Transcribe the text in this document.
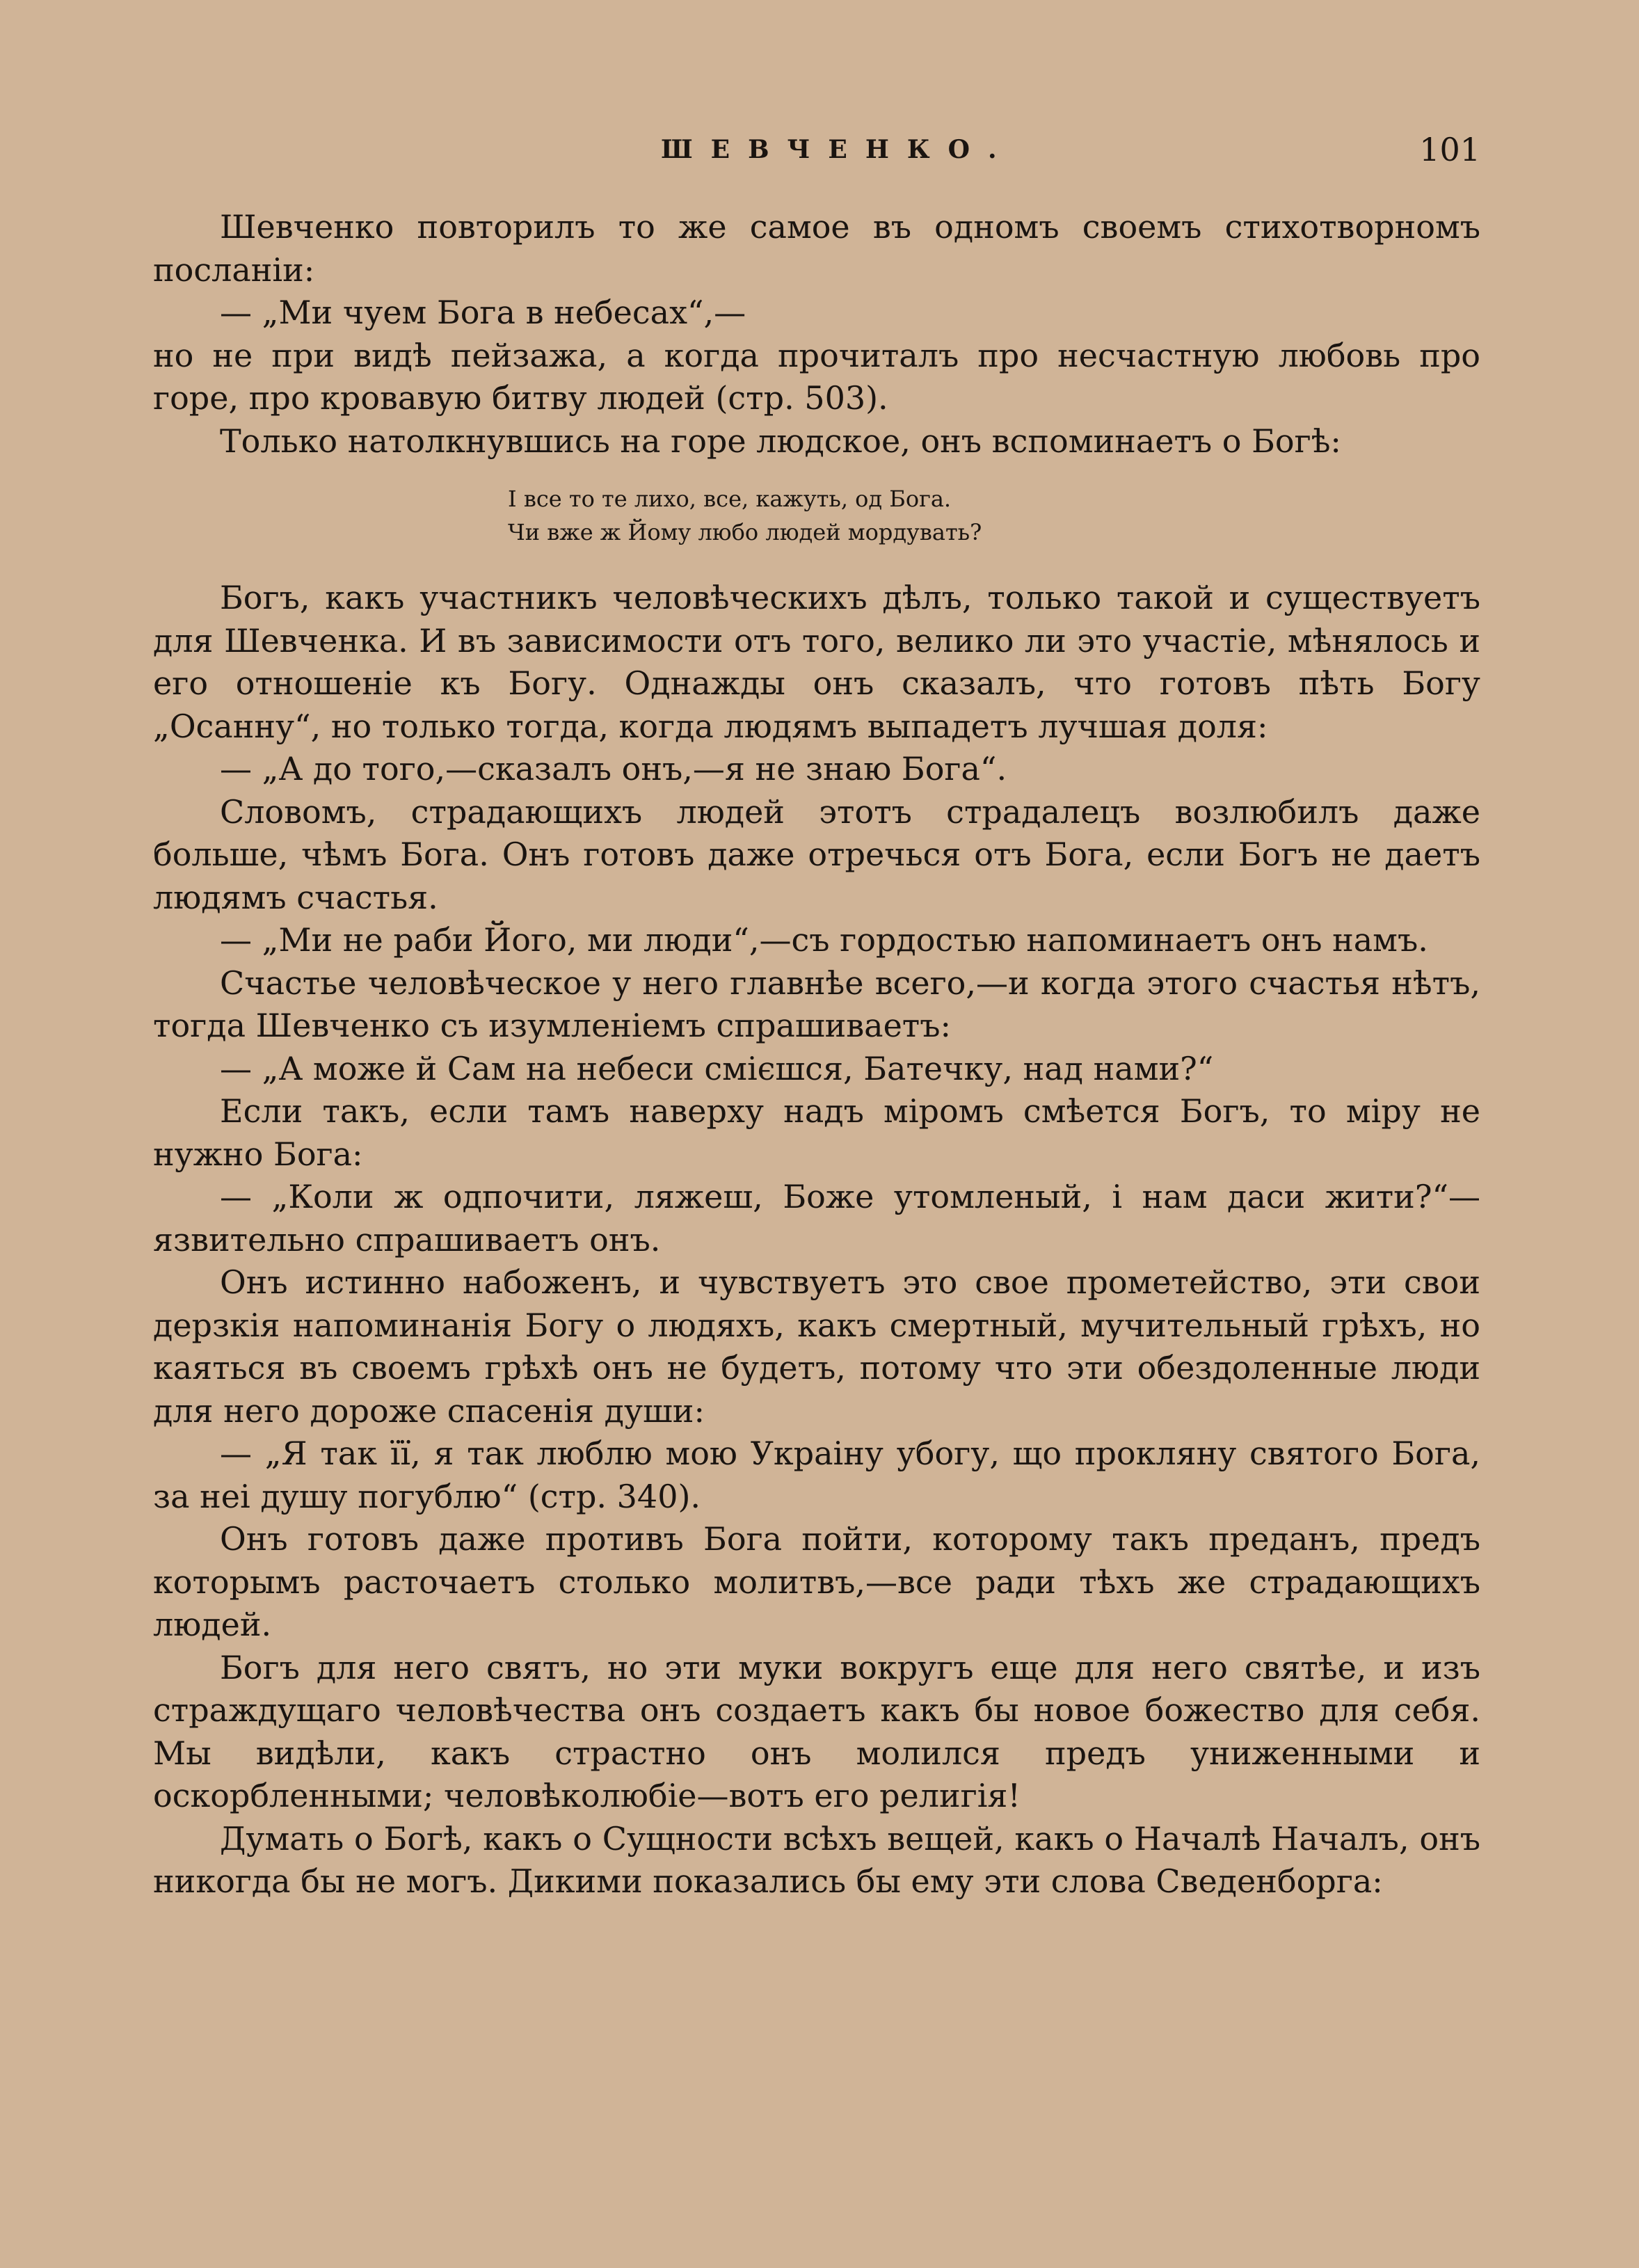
ШЕВЧЕНКО.	101

Шевченко повторилъ то же самое въ одномъ своемъ стихотворномъ посланіи:

— „Ми чуем Бога в небесах“,—

но не при видѣ пейзажа, а когда прочиталъ про несчастную любовь про горе, про кровавую битву людей (стр. 503).

Только натолкнувшись на горе людское, онъ вспоминаетъ о Богѣ:

І все то те лихо, все, кажуть, од Бога.
Чи вже ж Йому любо людей мордувать?

Богъ, какъ участникъ человѣческихъ дѣлъ, только такой и существуетъ для Шевченка. И въ зависимости отъ того, велико ли это участіе, мѣнялось и его отношеніе къ Богу. Однажды онъ сказалъ, что готовъ пѣть Богу „Осанну“, но только тогда, когда людямъ выпадетъ лучшая доля:

— „А до того,—сказалъ онъ,—я не знаю Бога“.

Словомъ, страдающихъ людей этотъ страдалецъ возлюбилъ даже больше, чѣмъ Бога. Онъ готовъ даже отречься отъ Бога, если Богъ не даетъ людямъ счастья.

— „Ми не раби Його, ми люди“,—съ гордостью напоминаетъ онъ намъ.

Счастье человѣческое у него главнѣе всего,—и когда этого счастья нѣтъ, тогда Шевченко съ изумленіемъ спрашиваетъ:

— „А може й Сам на небеси смієшся, Батечку, над нами?“

Если такъ, если тамъ наверху надъ міромъ смѣется Богъ, то міру не нужно Бога:

— „Коли ж одпочити, ляжеш, Боже утомленый, і нам даси жити?“— язвительно спрашиваетъ онъ.

Онъ истинно набоженъ, и чувствуетъ это свое прометейство, эти свои дерзкія напоминанія Богу о людяхъ, какъ смертный, мучительный грѣхъ, но каяться въ своемъ грѣхѣ онъ не будетъ, потому что эти обездоленные люди для него дороже спасенія души:

— „Я так її, я так люблю мою Украіну убогу, що прокляну святого Бога, за неі душу погублю“ (стр. 340).

Онъ готовъ даже противъ Бога пойти, которому такъ преданъ, предъ которымъ расточаетъ столько молитвъ,—все ради тѣхъ же страдающихъ людей.

Богъ для него святъ, но эти муки вокругъ еще для него святѣе, и изъ страждущаго человѣчества онъ создаетъ какъ бы новое божество для себя. Мы видѣли, какъ страстно онъ молился предъ униженными и оскорбленными; человѣколюбіе—вотъ его религія!

Думать о Богѣ, какъ о Сущности всѣхъ вещей, какъ о Началѣ Началъ, онъ никогда бы не могъ. Дикими показались бы ему эти слова Сведенборга:
